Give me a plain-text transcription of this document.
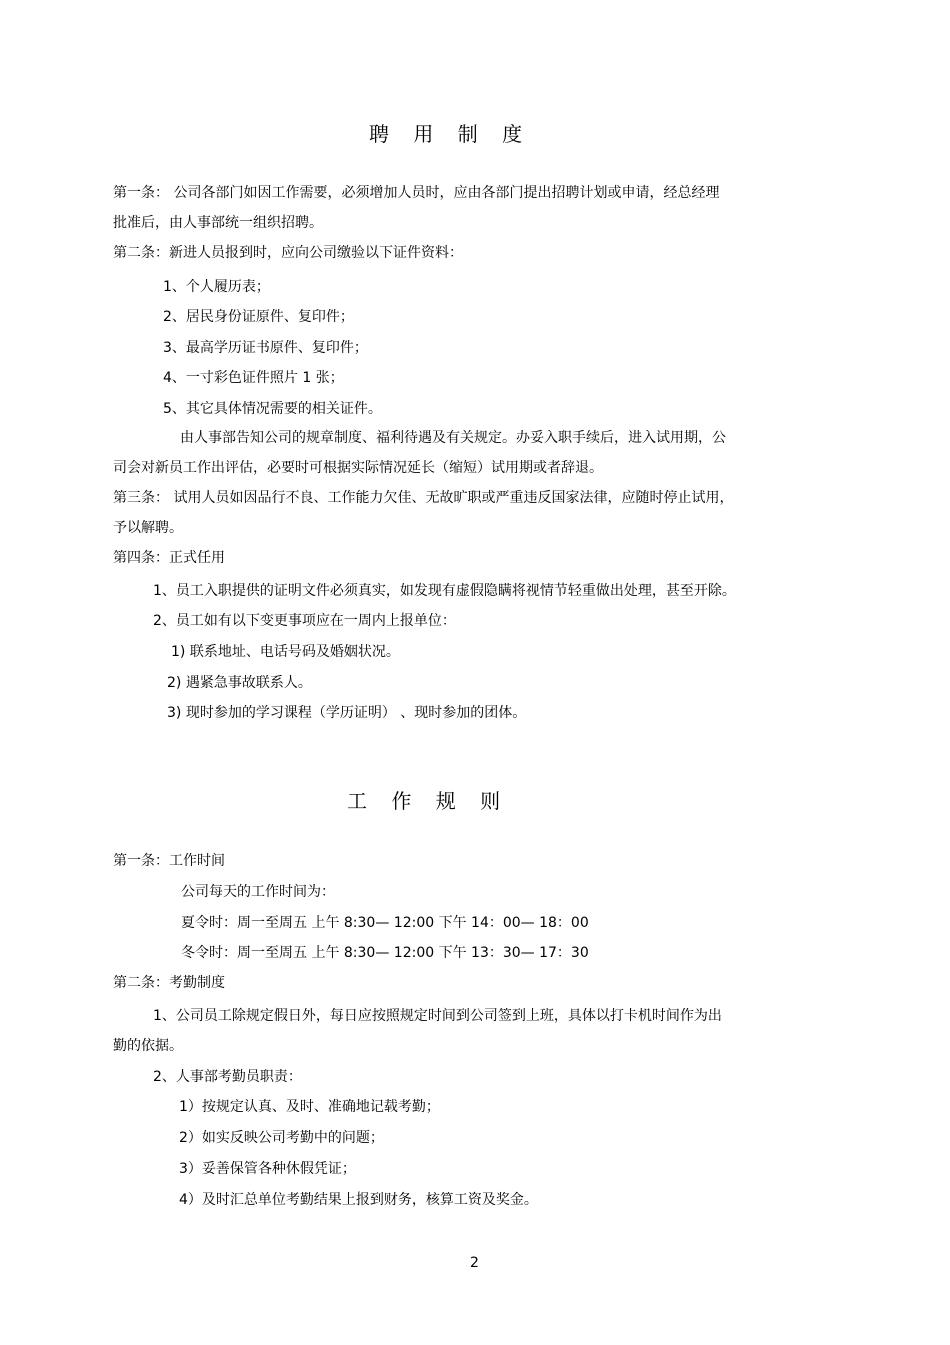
聘 用 制 度
第一条： 公司各部门如因工作需要，必须增加人员时，应由各部门提出招聘计划或申请，经总经理
批准后，由人事部统一组织招聘。
第二条：新进人员报到时，应向公司缴验以下证件资料：
1、个人履历表；
2、居民身份证原件、复印件；
3、最高学历证书原件、复印件；
4、一寸彩色证件照片 1 张；
5、其它具体情况需要的相关证件。
由人事部告知公司的规章制度、福利待遇及有关规定。办妥入职手续后，进入试用期，公
司会对新员工作出评估，必要时可根据实际情况延长（缩短）试用期或者辞退。
第三条： 试用人员如因品行不良、工作能力欠佳、无故旷职或严重违反国家法律，应随时停止试用，
予以解聘。
第四条：正式任用
1、员工入职提供的证明文件必须真实，如发现有虚假隐瞒将视情节轻重做出处理，甚至开除。
2、员工如有以下变更事项应在一周内上报单位：
1) 联系地址、电话号码及婚姻状况。
2) 遇紧急事故联系人。
3) 现时参加的学习课程（学历证明） 、现时参加的团体。
工 作 规 则
第一条：工作时间
公司每天的工作时间为：
夏令时：周一至周五 上午 8:30— 12:00 下午 14：00— 18：00
冬令时：周一至周五 上午 8:30— 12:00 下午 13：30— 17：30
第二条：考勤制度
1、公司员工除规定假日外，每日应按照规定时间到公司签到上班，具体以打卡机时间作为出
勤的依据。
2、人事部考勤员职责：
1）按规定认真、及时、准确地记载考勤；
2）如实反映公司考勤中的问题；
3）妥善保管各种休假凭证；
4）及时汇总单位考勤结果上报到财务，核算工资及奖金。
2
